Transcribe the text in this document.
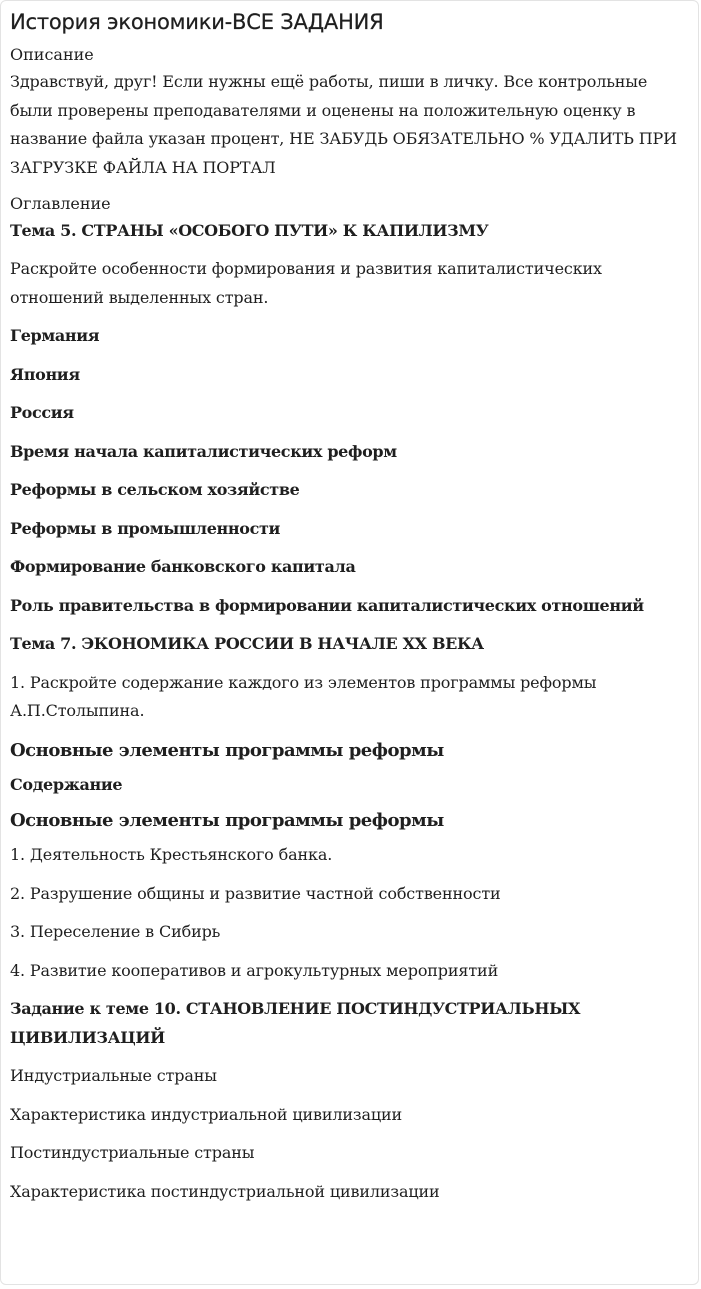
История экономики-ВСЕ ЗАДАНИЯ
Описание

Здравствуй, друг! Если нужны ещё работы, пиши в личку. Все контрольные были проверены преподавателями и оценены на положительную оценку в название файла указан процент, НЕ ЗАБУДЬ ОБЯЗАТЕЛЬНО % УДАЛИТЬ ПРИ ЗАГРУЗКЕ ФАЙЛА НА ПОРТАЛ

Оглавление

Тема 5. СТРАНЫ «ОСОБОГО ПУТИ» К КАПИЛИЗМУ

Раскройте особенности формирования и развития капиталистических отношений выделенных стран.

Германия

Япония

Россия

Время начала капиталистических реформ

Реформы в сельском хозяйстве

Реформы в промышленности

Формирование банковского капитала

Роль правительства в формировании капиталистических отношений

Тема 7. ЭКОНОМИКА РОССИИ В НАЧАЛЕ XX ВЕКА

1. Раскройте содержание каждого из элементов программы реформы А.П.Столыпина.

Основные элементы программы реформы

Содержание

Основные элементы программы реформы

1. Деятельность Крестьянского банка.

2. Разрушение общины и развитие частной собственности

3. Переселение в Сибирь

4. Развитие кооперативов и агрокультурных мероприятий

Задание к теме 10. СТАНОВЛЕНИЕ ПОСТИНДУСТРИАЛЬНЫХ ЦИВИЛИЗАЦИЙ

Индустриальные страны

Характеристика индустриальной цивилизации

Постиндустриальные страны

Характеристика постиндустриальной цивилизации
